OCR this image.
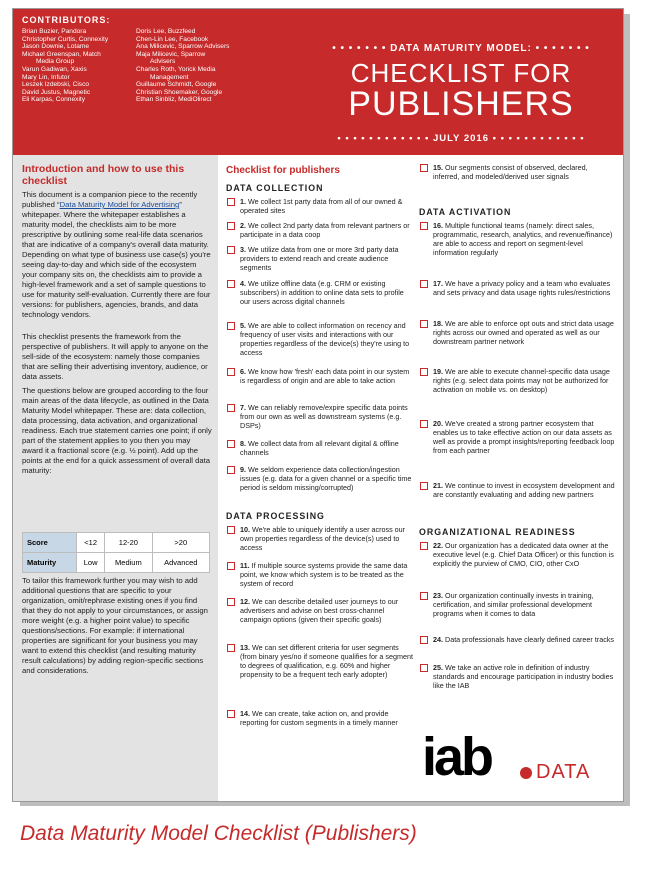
CONTRIBUTORS:
Brian Buzier, Pandora
Christopher Curtis, Connexity
Jason Downie, Lotame
Michael Greenspan, Match
Media Group
Varun Gadiwan, Xaxis
Mary Lin, Infutor
Leszek Izdebski, Cisco
David Justus, Magnetic
Eli Karpas, Connexity
Doris Lee, Buzzfeed
Chen-Lin Lee, Facebook
Ana Milicevic, Sparrow Advisers
Maja Milicevic, Sparrow
Advisers
Charles Roth, Yorick Media
Management
Guillaume Schmidt, Google
Christian Shoemaker, Google
Ethan Sinbliz, MediOlirect
• • • • • • • DATA MATURITY MODEL: • • • • • • •
CHECKLIST FOR
PUBLISHERS
• • • • • • • • • • • • JULY 2016 • • • • • • • • • • • •
Introduction and how to use this checklist
This document is a companion piece to the recently published “Data Maturity Model for Advertising” whitepaper. Where the whitepaper establishes a maturity model, the checklists aim to be more prescriptive by outlining some real-life data scenarios that are indicative of a company's overall data maturity. Depending on what type of business use case(s) you're seeing day-to-day and which side of the ecosystem your company sits on, the checklists aim to provide a high-level framework and a set of sample questions to use for maturity self-evaluation. Currently there are four versions: for publishers, agencies, brands, and data technology vendors.
This checklist presents the framework from the perspective of publishers. It will apply to anyone on the sell-side of the ecosystem: namely those companies that are selling their advertising inventory, audience, or data assets.
The questions below are grouped according to the four main areas of the data lifecycle, as outlined in the Data Maturity Model whitepaper. These are: data collection, data processing, data activation, and organizational readiness. Each true statement carries one point; if only part of the statement applies to you then you may award it a fractional score (e.g. ½ point). Add up the points at the end for a quick assessment of overall data maturity:
Score	<12	12-20	>20
Maturity	Low	Medium	Advanced
To tailor this framework further you may wish to add additional questions that are specific to your organization, omit/rephrase existing ones if you find that they do not apply to your circumstances, or assign more weight (e.g. a higher point value) to specific questions/sections. For example: if international properties are significant for your business you may want to extend this checklist (and resulting maturity result calculations) by adding region-specific sections and considerations.
Checklist for publishers
DATA COLLECTION
1. We collect 1st party data from all of our owned & operated sites
2. We collect 2nd party data from relevant partners or participate in a data coop
3. We utilize data from one or more 3rd party data providers to extend reach and create audience segments
4. We utilize offline data (e.g. CRM or existing subscribers) in addition to online data sets to profile our users across digital channels
5. We are able to collect information on recency and frequency of user visits and interactions with our properties regardless of the device(s) they're using to access
6. We know how 'fresh' each data point in our system is regardless of origin and are able to take action
7. We can reliably remove/expire specific data points from our own as well as downstream systems (e.g. DSPs)
8. We collect data from all relevant digital & offline channels
9. We seldom experience data collection/ingestion issues (e.g. data for a given channel or a specific time period is seldom missing/corrupted)
DATA PROCESSING
10. We're able to uniquely identify a user across our own properties regardless of the device(s) used to access
11. If multiple source systems provide the same data point, we know which system is to be treated as the system of record
12. We can describe detailed user journeys to our advertisers and advise on best cross-channel campaign options (given their specific goals)
13. We can set different criteria for user segments (from binary yes/no if someone qualifies for a segment to degrees of qualification, e.g. 60% and higher propensity to be a frequent tech early adopter)
14. We can create, take action on, and provide reporting for custom segments in a timely manner
15. Our segments consist of observed, declared, inferred, and modeled/derived user signals
DATA ACTIVATION
16. Multiple functional teams (namely: direct sales, programmatic, research, analytics, and revenue/finance) are able to access and report on segment-level information regularly
17. We have a privacy policy and a team who evaluates and sets privacy and data usage rights rules/restrictions
18. We are able to enforce opt outs and strict data usage rights across our owned and operated as well as our downstream partner network
19. We are able to execute channel-specific data usage rights (e.g. select data points may not be authorized for activation on mobile vs. on desktop)
20. We've created a strong partner ecosystem that enables us to take effective action on our data assets as well as provide a prompt insights/reporting feedback loop from each partner
21. We continue to invest in ecosystem development and are constantly evaluating and adding new partners
ORGANIZATIONAL READINESS
22. Our organization has a dedicated data owner at the executive level (e.g. Chief Data Officer) or this function is explicitly the purview of CMO, CIO, other CxO
23. Our organization continually invests in training, certification, and similar professional development programs when it comes to data
24. Data professionals have clearly defined career tracks
25. We take an active role in definition of industry standards and encourage participation in industry bodies like the IAB
iab DATA
Data Maturity Model Checklist (Publishers)
